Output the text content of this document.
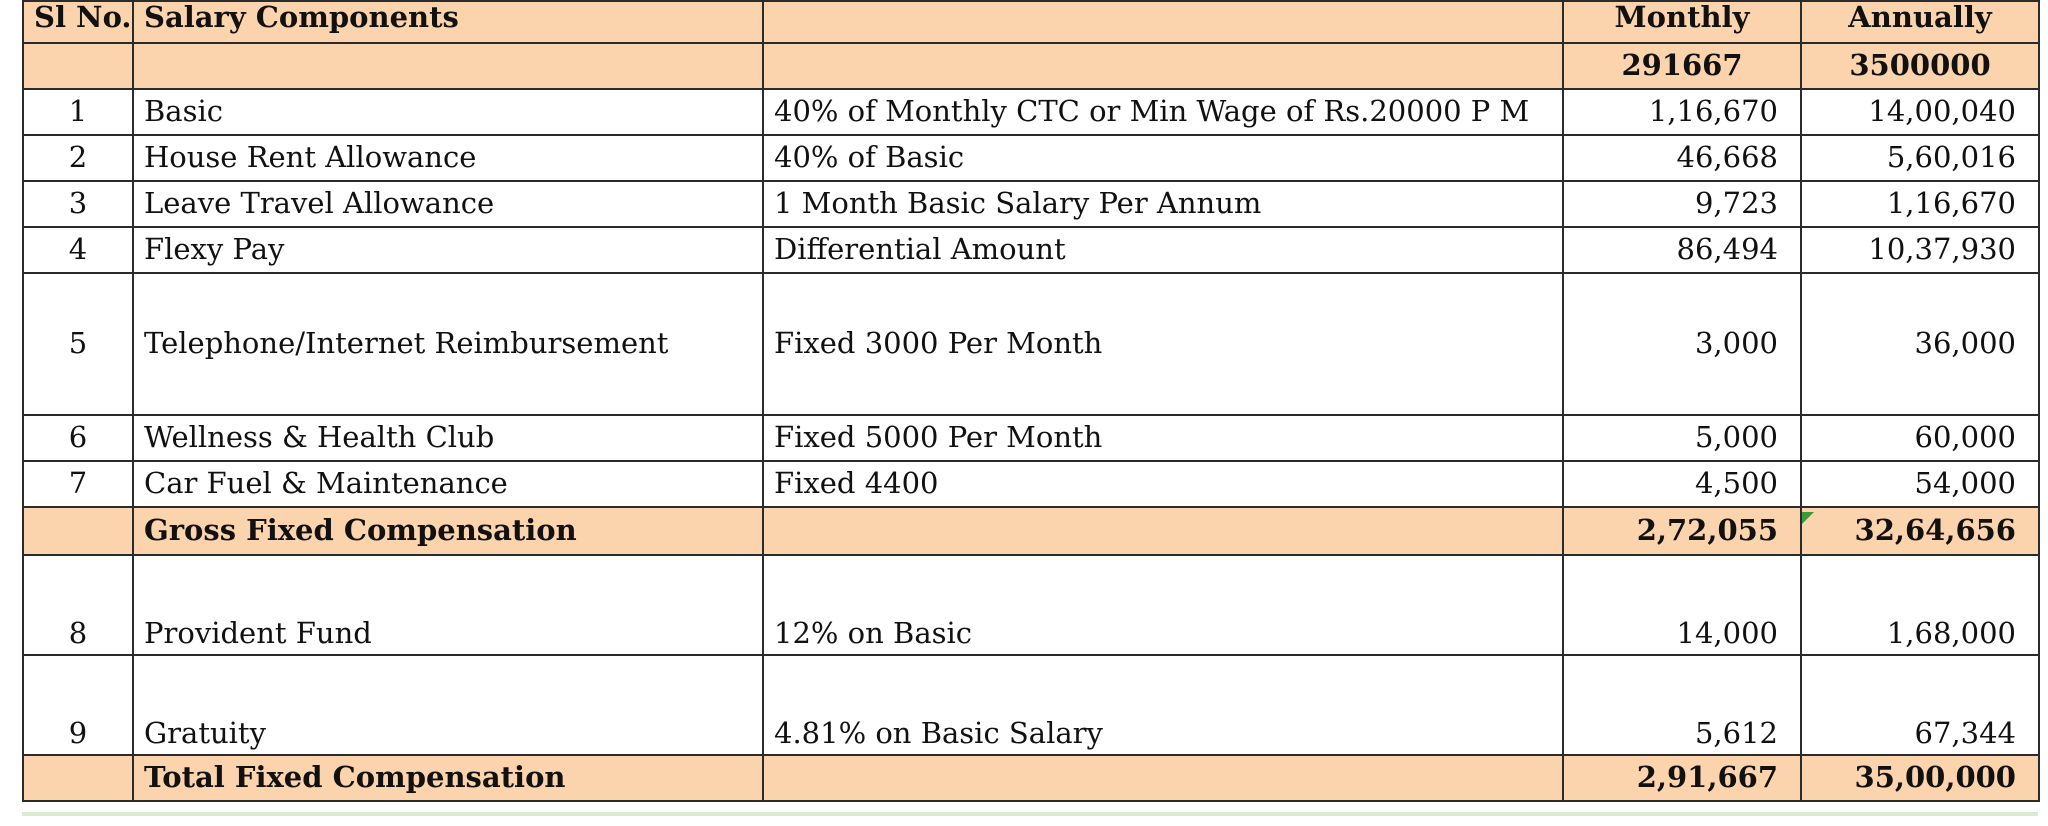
Sl No.	Salary Components		Monthly	Annually
			291667	3500000
1	Basic	40% of Monthly CTC or Min Wage of Rs.20000 P M	1,16,670	14,00,040
2	House Rent Allowance	40% of Basic	46,668	5,60,016
3	Leave Travel Allowance	1 Month Basic Salary Per Annum	9,723	1,16,670
4	Flexy Pay	Differential Amount	86,494	10,37,930
5	Telephone/Internet Reimbursement	Fixed 3000 Per Month	3,000	36,000
6	Wellness & Health Club	Fixed 5000 Per Month	5,000	60,000
7	Car Fuel & Maintenance	Fixed 4400	4,500	54,000
	Gross Fixed Compensation		2,72,055	32,64,656
8	Provident Fund	12% on Basic	14,000	1,68,000
9	Gratuity	4.81% on Basic Salary	5,612	67,344
	Total Fixed Compensation		2,91,667	35,00,000
